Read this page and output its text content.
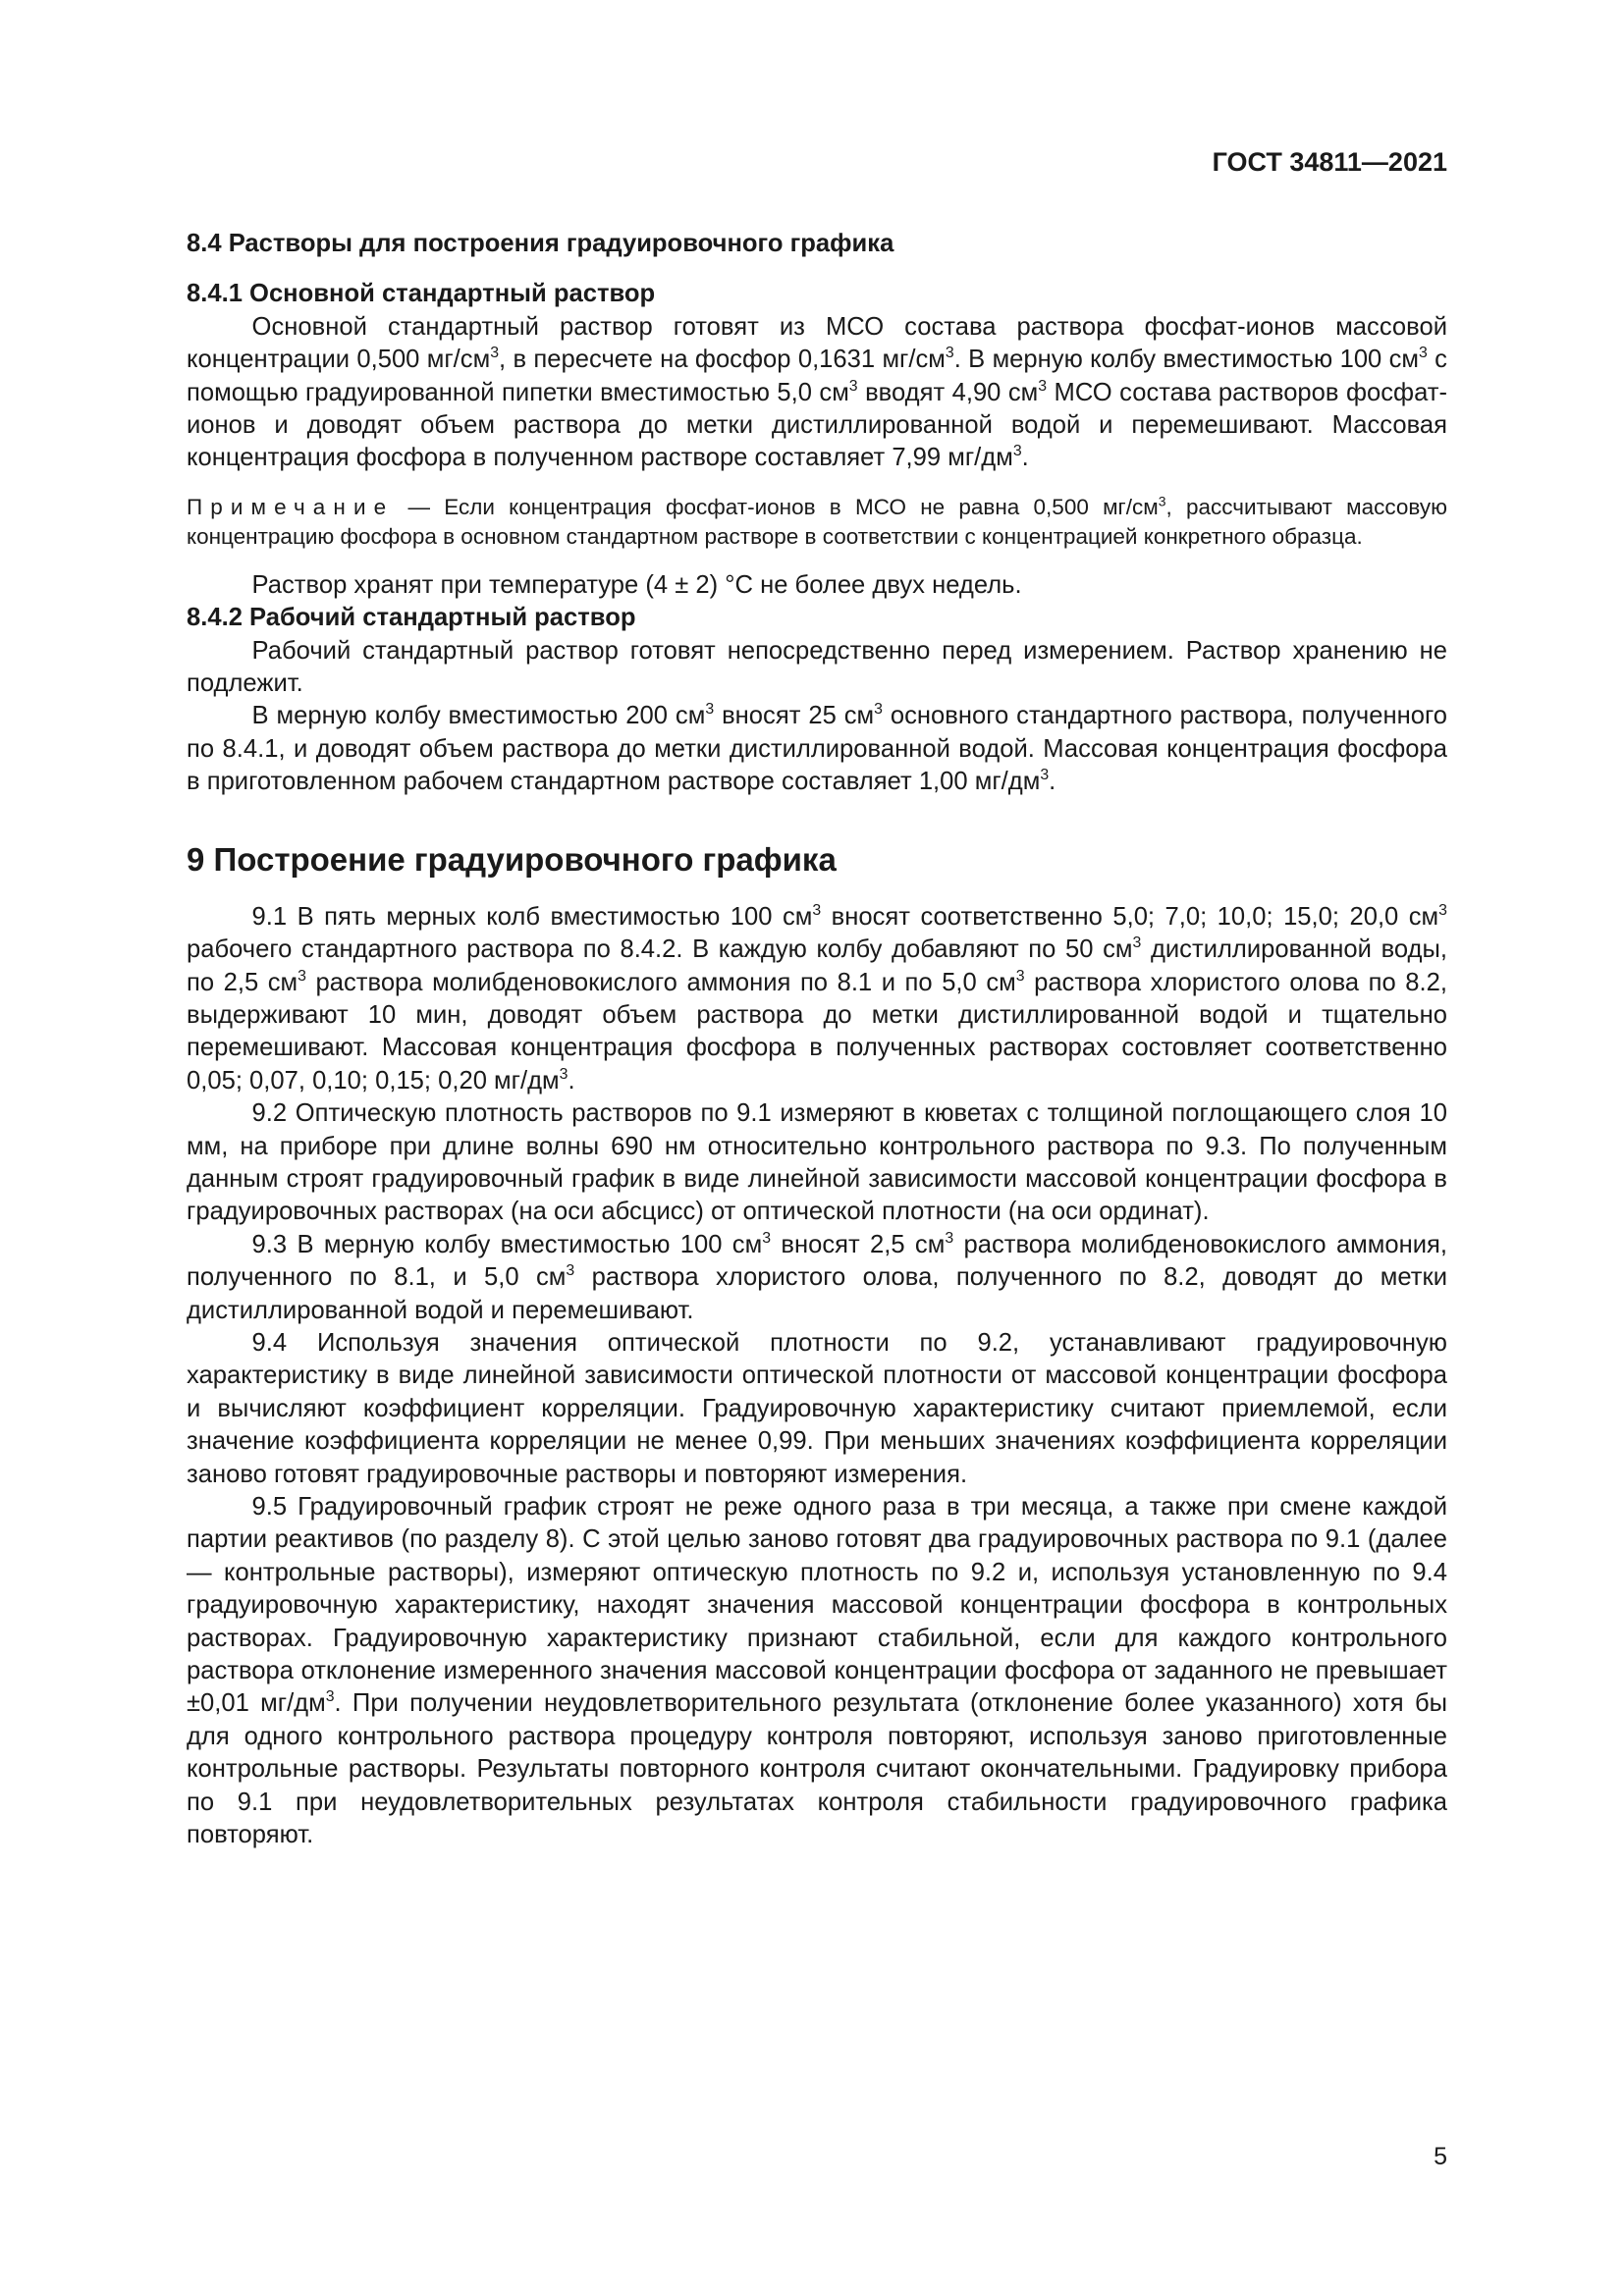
ГОСТ 34811—2021

8.4 Растворы для построения градуировочного графика

8.4.1 Основной стандартный раствор

Основной стандартный раствор готовят из МСО состава раствора фосфат-ионов массовой концентрации 0,500 $мг/см^3$, в пересчете на фосфор 0,1631 $мг/см^3$. В мерную колбу вместимостью 100 $см^3$ с помощью градуированной пипетки вместимостью 5,0 $см^3$ вводят 4,90 $см^3$ МСО состава растворов фосфат-ионов и доводят объем раствора до метки дистиллированной водой и перемешивают. Массовая концентрация фосфора в полученном растворе составляет 7,99 $мг/дм^3$.

Примечание — Если концентрация фосфат-ионов в МСО не равна 0,500 $мг/см^3$, рассчитывают массовую концентрацию фосфора в основном стандартном растворе в соответствии с концентрацией конкретного образца.

Раствор хранят при температуре (4 ± 2) °С не более двух недель.

8.4.2 Рабочий стандартный раствор

Рабочий стандартный раствор готовят непосредственно перед измерением. Раствор хранению не подлежит.

В мерную колбу вместимостью 200 $см^3$ вносят 25 $см^3$ основного стандартного раствора, полученного по 8.4.1, и доводят объем раствора до метки дистиллированной водой. Массовая концентрация фосфора в приготовленном рабочем стандартном растворе составляет 1,00 $мг/дм^3$.

9 Построение градуировочного графика

9.1 В пять мерных колб вместимостью 100 $см^3$ вносят соответственно 5,0; 7,0; 10,0; 15,0; 20,0 $см^3$ рабочего стандартного раствора по 8.4.2. В каждую колбу добавляют по 50 $см^3$ дистиллированной воды, по 2,5 $см^3$ раствора молибденовокислого аммония по 8.1 и по 5,0 $см^3$ раствора хлористого олова по 8.2, выдерживают 10 мин, доводят объем раствора до метки дистиллированной водой и тщательно перемешивают. Массовая концентрация фосфора в полученных растворах состовляет соответственно 0,05; 0,07, 0,10; 0,15; 0,20 $мг/дм^3$.

9.2 Оптическую плотность растворов по 9.1 измеряют в кюветах с толщиной поглощающего слоя 10 мм, на приборе при длине волны 690 нм относительно контрольного раствора по 9.3. По полученным данным строят градуировочный график в виде линейной зависимости массовой концентрации фосфора в градуировочных растворах (на оси абсцисс) от оптической плотности (на оси ординат).

9.3 В мерную колбу вместимостью 100 $см^3$ вносят 2,5 $см^3$ раствора молибденовокислого аммония, полученного по 8.1, и 5,0 $см^3$ раствора хлористого олова, полученного по 8.2, доводят до метки дистиллированной водой и перемешивают.

9.4 Используя значения оптической плотности по 9.2, устанавливают градуировочную характеристику в виде линейной зависимости оптической плотности от массовой концентрации фосфора и вычисляют коэффициент корреляции. Градуировочную характеристику считают приемлемой, если значение коэффициента корреляции не менее 0,99. При меньших значениях коэффициента корреляции заново готовят градуировочные растворы и повторяют измерения.

9.5 Градуировочный график строят не реже одного раза в три месяца, а также при смене каждой партии реактивов (по разделу 8). С этой целью заново готовят два градуировочных раствора по 9.1 (далее — контрольные растворы), измеряют оптическую плотность по 9.2 и, используя установленную по 9.4 градуировочную характеристику, находят значения массовой концентрации фосфора в контрольных растворах. Градуировочную характеристику признают стабильной, если для каждого контрольного раствора отклонение измеренного значения массовой концентрации фосфора от заданного не превышает ±0,01 $мг/дм^3$. При получении неудовлетворительного результата (отклонение более указанного) хотя бы для одного контрольного раствора процедуру контроля повторяют, используя заново приготовленные контрольные растворы. Результаты повторного контроля считают окончательными. Градуировку прибора по 9.1 при неудовлетворительных результатах контроля стабильности градуировочного графика повторяют.

5
